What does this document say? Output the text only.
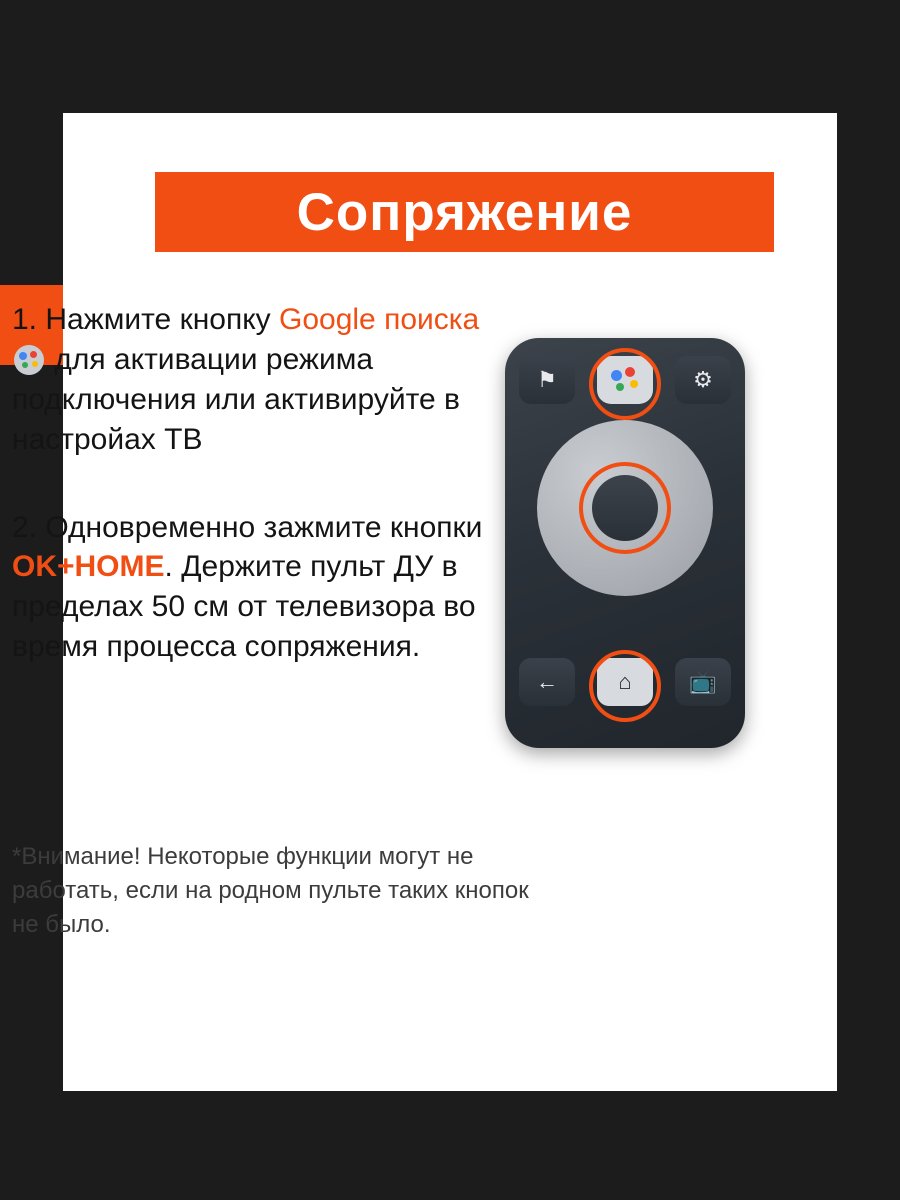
Сопряжение

1. Нажмите кнопку Google поиска
для активации режима подключения или активируйте в настройах ТВ

2. Одновременно зажмите кнопки OK+HOME. Держите пульт ДУ в пределах 50 см от телевизора во время процесса сопряжения.

*Внимание! Некоторые функции могут не работать, если на родном пульте таких кнопок не было.
⚑	⚙
←	⌂	📺
